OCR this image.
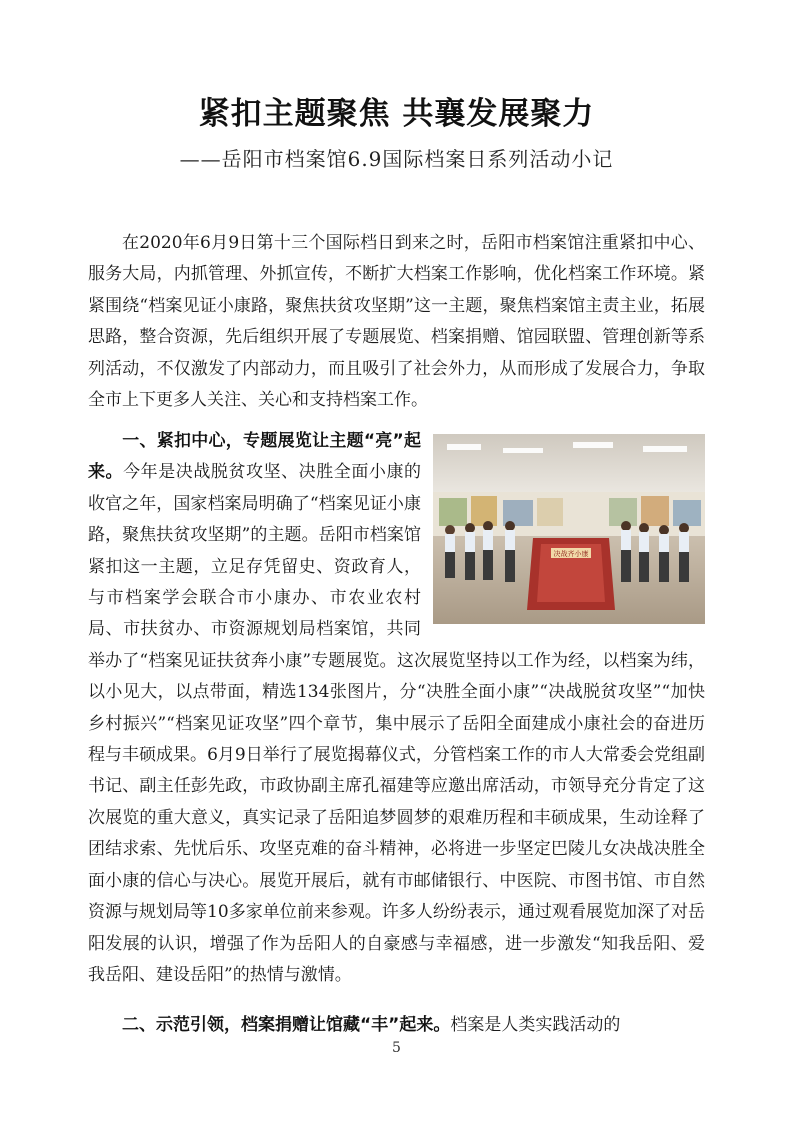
紧扣主题聚焦 共襄发展聚力
——岳阳市档案馆6.9国际档案日系列活动小记

在2020年6月9日第十三个国际档日到来之时，岳阳市档案馆注重紧扣中心、服务大局，内抓管理、外抓宣传，不断扩大档案工作影响，优化档案工作环境。紧紧围绕“档案见证小康路，聚焦扶贫攻坚期”这一主题，聚焦档案馆主责主业，拓展思路，整合资源，先后组织开展了专题展览、档案捐赠、馆园联盟、管理创新等系列活动，不仅激发了内部动力，而且吸引了社会外力，从而形成了发展合力，争取全市上下更多人关注、关心和支持档案工作。

决战齐小康

一、紧扣中心，专题展览让主题“亮”起来。今年是决战脱贫攻坚、决胜全面小康的收官之年，国家档案局明确了“档案见证小康路，聚焦扶贫攻坚期”的主题。岳阳市档案馆紧扣这一主题，立足存凭留史、资政育人，与市档案学会联合市小康办、市农业农村局、市扶贫办、市资源规划局档案馆，共同举办了“档案见证扶贫奔小康”专题展览。这次展览坚持以工作为经，以档案为纬，以小见大，以点带面，精选134张图片，分“决胜全面小康”“决战脱贫攻坚”“加快乡村振兴”“档案见证攻坚”四个章节，集中展示了岳阳全面建成小康社会的奋进历程与丰硕成果。6月9日举行了展览揭幕仪式，分管档案工作的市人大常委会党组副书记、副主任彭先政，市政协副主席孔福建等应邀出席活动，市领导充分肯定了这次展览的重大意义，真实记录了岳阳追梦圆梦的艰难历程和丰硕成果，生动诠释了团结求索、先忧后乐、攻坚克难的奋斗精神，必将进一步坚定巴陵儿女决战决胜全面小康的信心与决心。展览开展后，就有市邮储银行、中医院、市图书馆、市自然资源与规划局等10多家单位前来参观。许多人纷纷表示，通过观看展览加深了对岳阳发展的认识，增强了作为岳阳人的自豪感与幸福感，进一步激发“知我岳阳、爱我岳阳、建设岳阳”的热情与激情。

二、示范引领，档案捐赠让馆藏“丰”起来。档案是人类实践活动的

5
